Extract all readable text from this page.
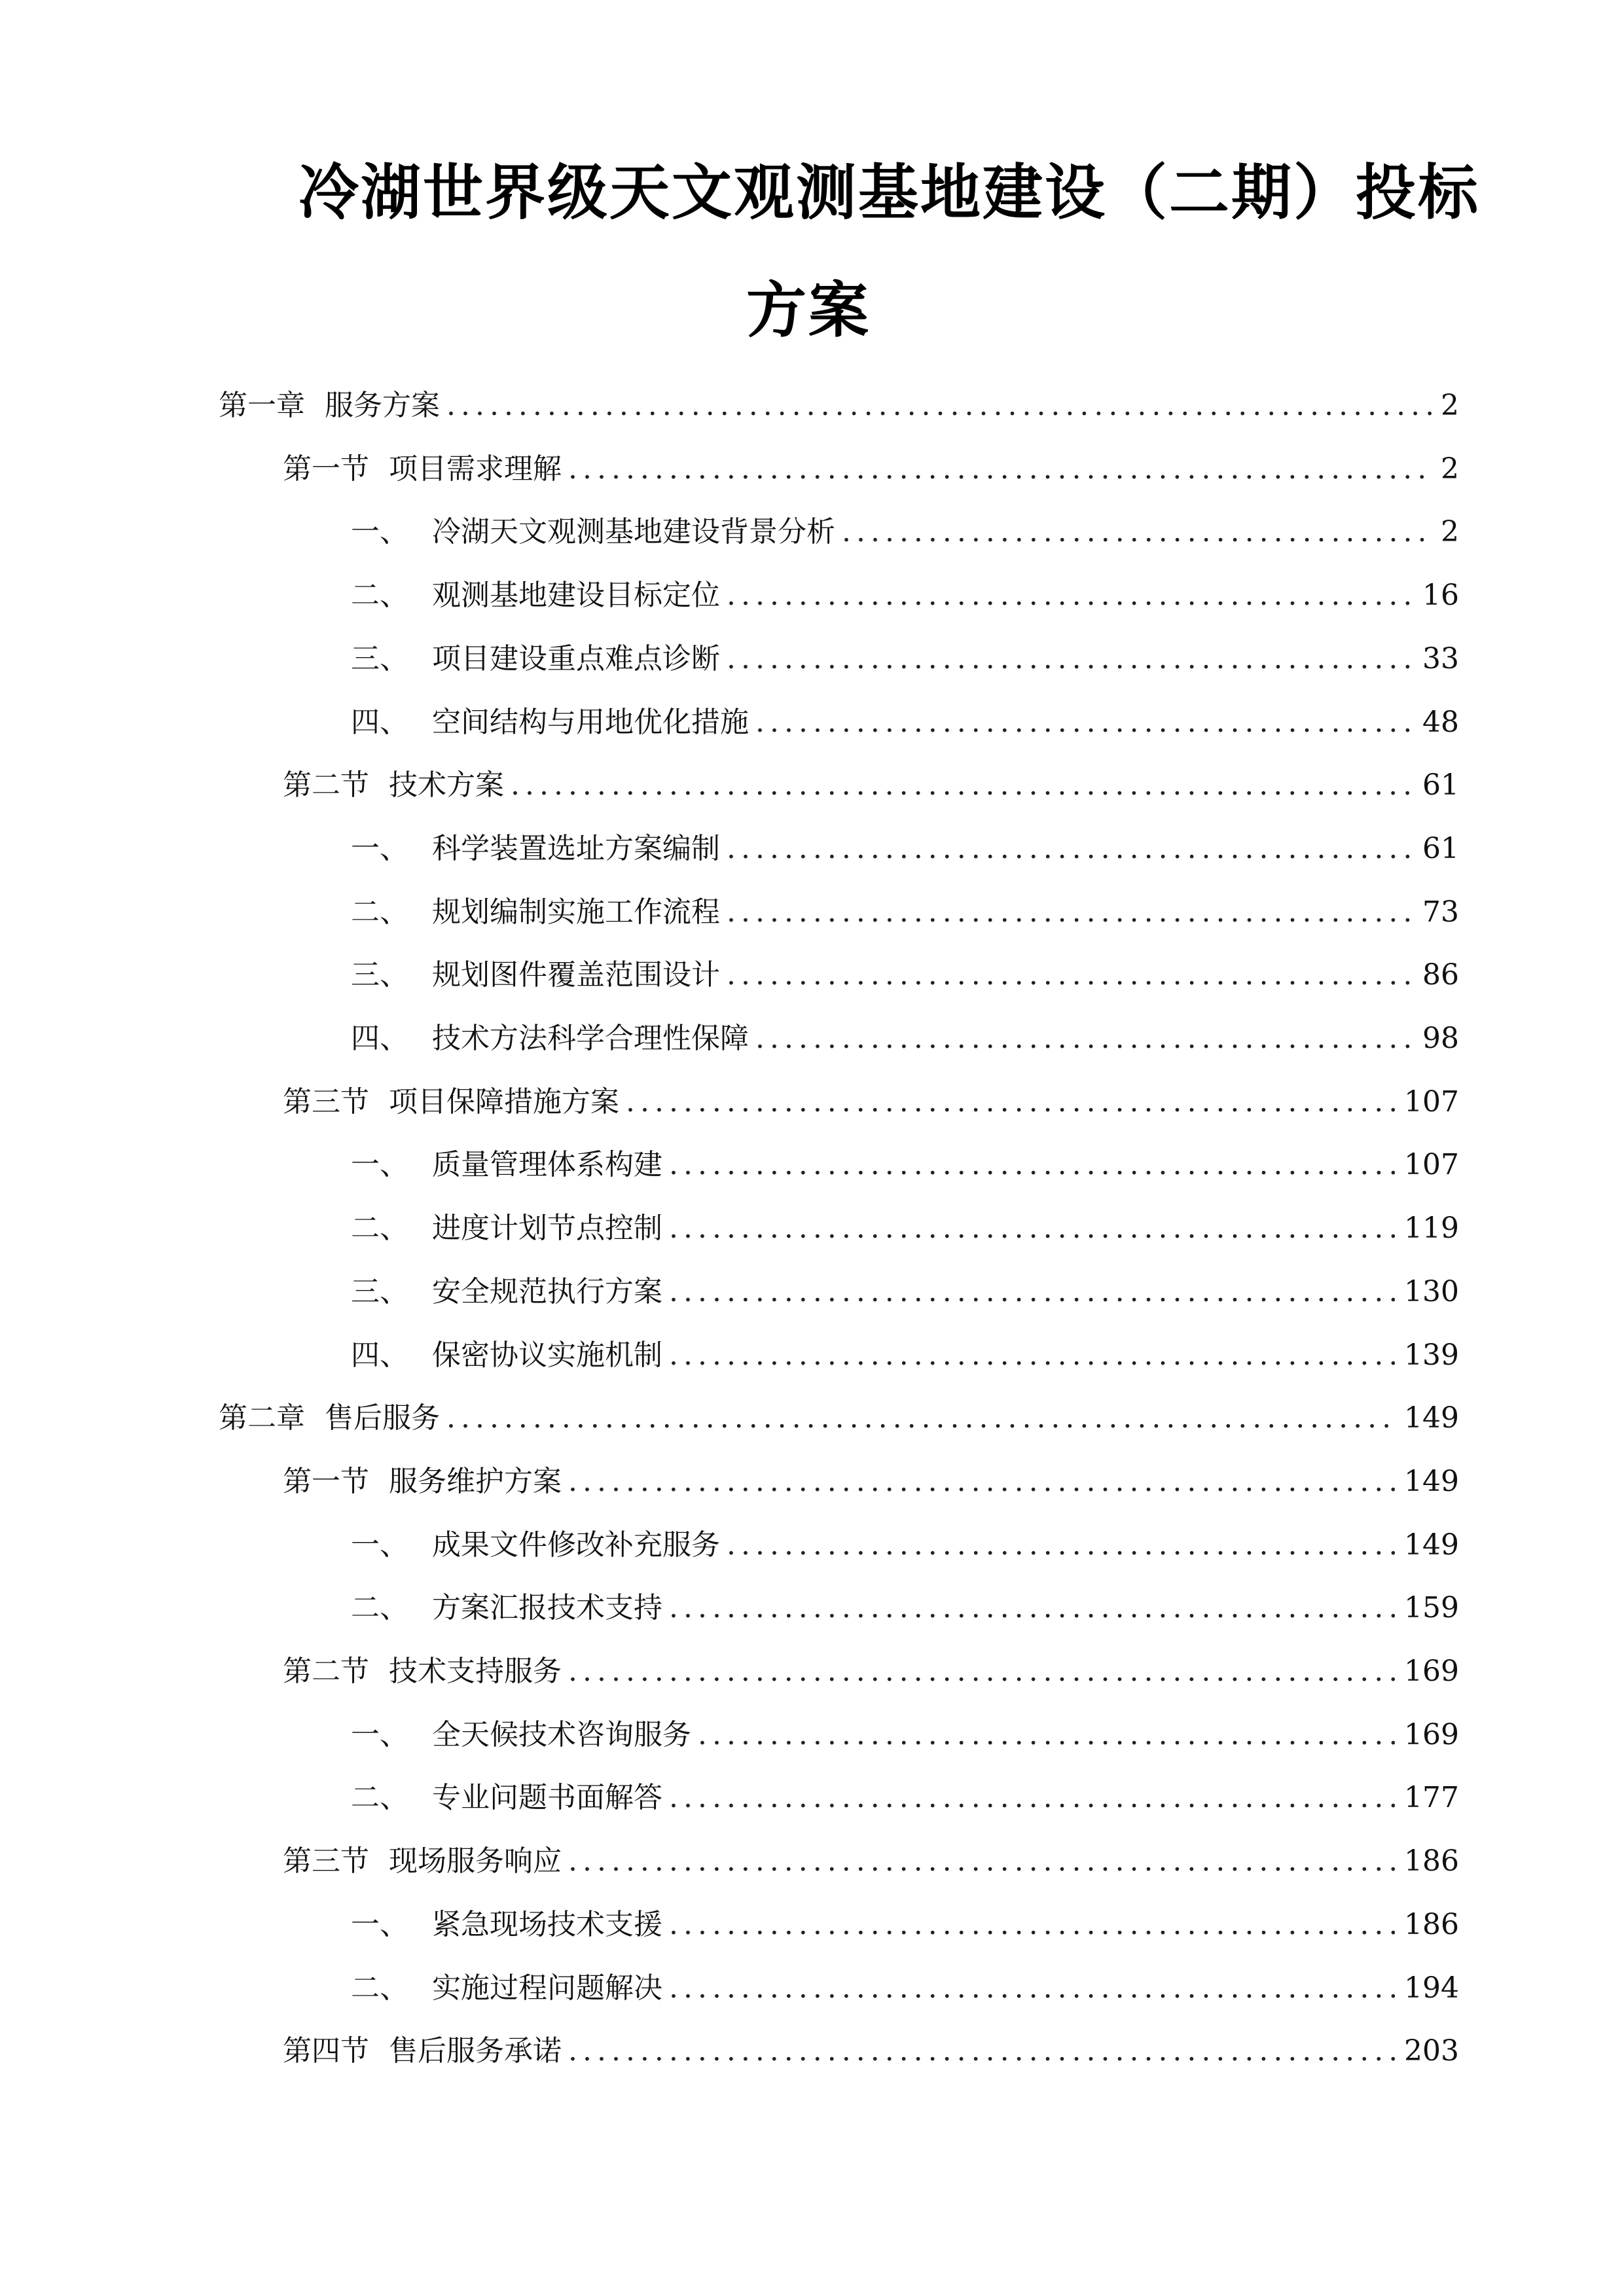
冷湖世界级天文观测基地建设（二期）投标
方案
第一章 服务方案 .....	2
第一节 项目需求理解 .....	2
一、 冷湖天文观测基地建设背景分析 .....	2
二、 观测基地建设目标定位 .....	16
三、 项目建设重点难点诊断 .....	33
四、 空间结构与用地优化措施 .....	48
第二节 技术方案 .....	61
一、 科学装置选址方案编制 .....	61
二、 规划编制实施工作流程 .....	73
三、 规划图件覆盖范围设计 .....	86
四、 技术方法科学合理性保障 .....	98
第三节 项目保障措施方案 .....	107
一、 质量管理体系构建 .....	107
二、 进度计划节点控制 .....	119
三、 安全规范执行方案 .....	130
四、 保密协议实施机制 .....	139
第二章 售后服务 .....	149
第一节 服务维护方案 .....	149
一、 成果文件修改补充服务 .....	149
二、 方案汇报技术支持 .....	159
第二节 技术支持服务 .....	169
一、 全天候技术咨询服务 .....	169
二、 专业问题书面解答 .....	177
第三节 现场服务响应 .....	186
一、 紧急现场技术支援 .....	186
二、 实施过程问题解决 .....	194
第四节 售后服务承诺 .....	203
